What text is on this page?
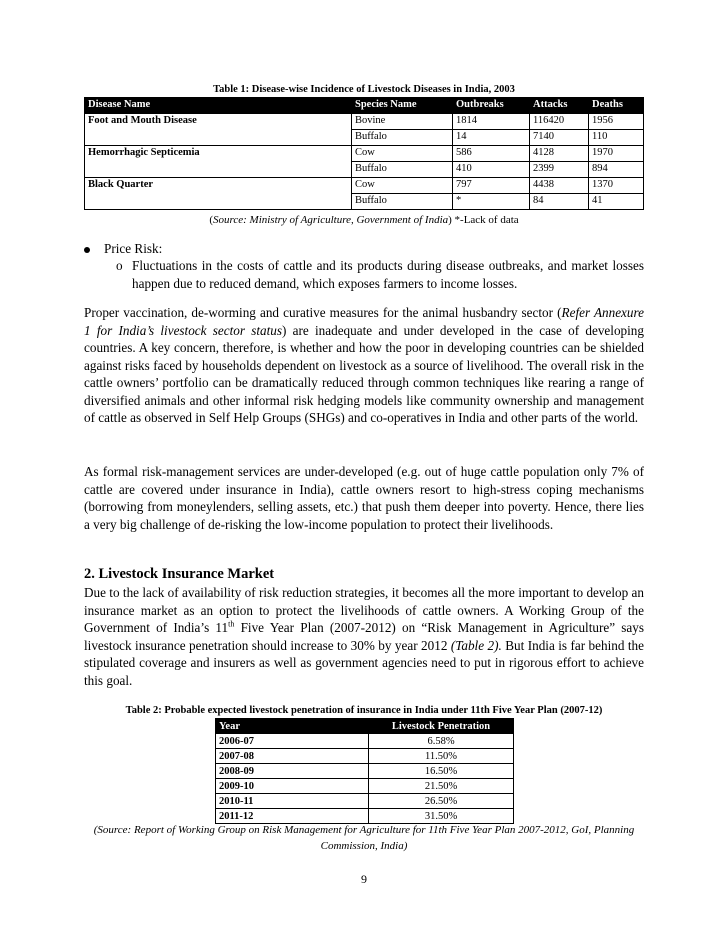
Table 1: Disease-wise Incidence of Livestock Diseases in India, 2003
Disease Name	Species Name	Outbreaks	Attacks	Deaths
Foot and Mouth Disease	Bovine	1814	116420	1956
	Buffalo	14	7140	110
Hemorrhagic Septicemia	Cow	586	4128	1970
	Buffalo	410	2399	894
Black Quarter	Cow	797	4438	1370
	Buffalo	*	84	41
(Source: Ministry of Agriculture, Government of India) *-Lack of data
Price Risk:
o Fluctuations in the costs of cattle and its products during disease outbreaks, and market losses happen due to reduced demand, which exposes farmers to income losses.
Proper vaccination, de-worming and curative measures for the animal husbandry sector (Refer Annexure 1 for India’s livestock sector status) are inadequate and under developed in the case of developing countries. A key concern, therefore, is whether and how the poor in developing countries can be shielded against risks faced by households dependent on livestock as a source of livelihood. The overall risk in the cattle owners’ portfolio can be dramatically reduced through common techniques like rearing a range of diversified animals and other informal risk hedging models like community ownership and management of cattle as observed in Self Help Groups (SHGs) and co-operatives in India and other parts of the world.
As formal risk-management services are under-developed (e.g. out of huge cattle population only 7% of cattle are covered under insurance in India), cattle owners resort to high-stress coping mechanisms (borrowing from moneylenders, selling assets, etc.) that push them deeper into poverty. Hence, there lies a very big challenge of de-risking the low-income population to protect their livelihoods.
2. Livestock Insurance Market
Due to the lack of availability of risk reduction strategies, it becomes all the more important to develop an insurance market as an option to protect the livelihoods of cattle owners. A Working Group of the Government of India’s 11th Five Year Plan (2007-2012) on “Risk Management in Agriculture” says livestock insurance penetration should increase to 30% by year 2012 (Table 2). But India is far behind the stipulated coverage and insurers as well as government agencies need to put in rigorous effort to achieve this goal.
Table 2: Probable expected livestock penetration of insurance in India under 11th Five Year Plan (2007-12)
Year	Livestock Penetration
2006-07	6.58%
2007-08	11.50%
2008-09	16.50%
2009-10	21.50%
2010-11	26.50%
2011-12	31.50%
(Source: Report of Working Group on Risk Management for Agriculture for 11th Five Year Plan 2007-2012, GoI, Planning Commission, India)
9
